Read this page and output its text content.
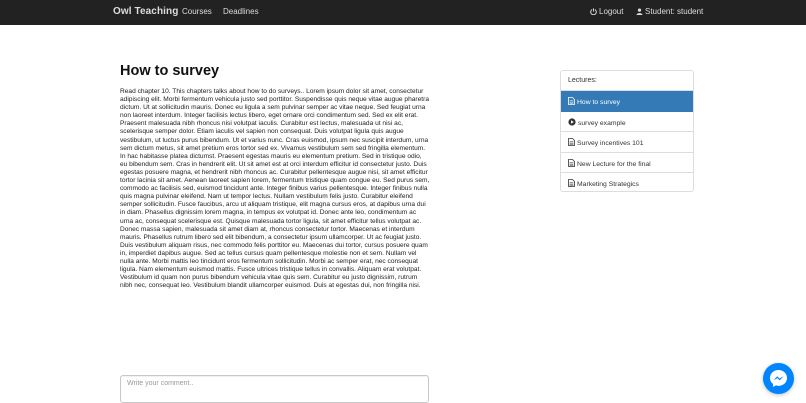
Owl Teaching Courses Deadlines	Logout	Student: student
How to survey

Read chapter 10. This chapters talks about how to do surveys.. Lorem ipsum dolor sit amet, consectetur adipiscing elit. Morbi fermentum vehicula justo sed porttitor. Suspendisse quis neque vitae augue pharetra dictum. Ut at sollicitudin mauris. Donec eu ligula a sem pulvinar semper ac vitae neque. Sed feugiat urna non laoreet interdum. Integer facilisis lectus libero, eget ornare orci condimentum sed. Sed ex elit erat. Praesent malesuada nibh rhoncus nisi volutpat iaculis. Curabitur est lectus, malesuada ut nisi ac, scelerisque semper dolor. Etiam iaculis vel sapien non consequat. Duis volutpat ligula quis augue vestibulum, ut luctus purus bibendum. Ut et varius nunc. Cras euismod, ipsum nec suscipit interdum, urna sem dictum metus, sit amet pretium eros tortor sed ex. Vivamus vestibulum sem sed fringilla elementum. In hac habitasse platea dictumst. Praesent egestas mauris eu elementum pretium. Sed in tristique odio, eu bibendum sem. Cras in hendrerit elit. Ut sit amet est at orci interdum efficitur id consectetur justo. Duis egestas posuere magna, et hendrerit nibh rhoncus ac. Curabitur pellentesque augue nisi, sit amet efficitur tortor lacinia sit amet. Aenean laoreet sapien lorem, fermentum tristique quam congue eu. Sed purus sem, commodo ac facilisis sed, euismod tincidunt ante. Integer finibus varius pellentesque. Integer finibus nulla quis magna pulvinar eleifend. Nam ut tempor lectus. Nullam vestibulum felis justo. Curabitur eleifend semper sollicitudin. Fusce faucibus, arcu ut aliquam tristique, elit magna cursus eros, at dapibus urna dui in diam. Phasellus dignissim lorem magna, in tempus ex volutpat id. Donec ante leo, condimentum ac urna ac, consequat scelerisque est. Quisque malesuada tortor ligula, sit amet efficitur tellus volutpat ac. Donec massa sapien, malesuada sit amet diam at, rhoncus consectetur tortor. Maecenas et interdum mauris. Phasellus rutrum libero sed elit bibendum, a consectetur ipsum ullamcorper. Ut ac feugiat justo. Duis vestibulum aliquam risus, nec commodo felis porttitor eu. Maecenas dui tortor, cursus posuere quam in, imperdiet dapibus augue. Sed ac tellus cursus quam pellentesque molestie non et sem. Nullam vel nulla ante. Morbi mattis leo tincidunt eros fermentum sollicitudin. Morbi ac semper erat, nec consequat ligula. Nam elementum euismod mattis. Fusce ultrices tristique tellus in convallis. Aliquam erat volutpat. Vestibulum id quam non purus bibendum vehicula vitae quis sem. Curabitur eu justo dignissim, rutrum nibh nec, consequat leo. Vestibulum blandit ullamcorper euismod. Duis at egestas dui, non fringilla nisi.

Write your comment..
Lectures:
How to survey
survey example
Survey incentives 101
New Lecture for the final
Marketing Strategics
